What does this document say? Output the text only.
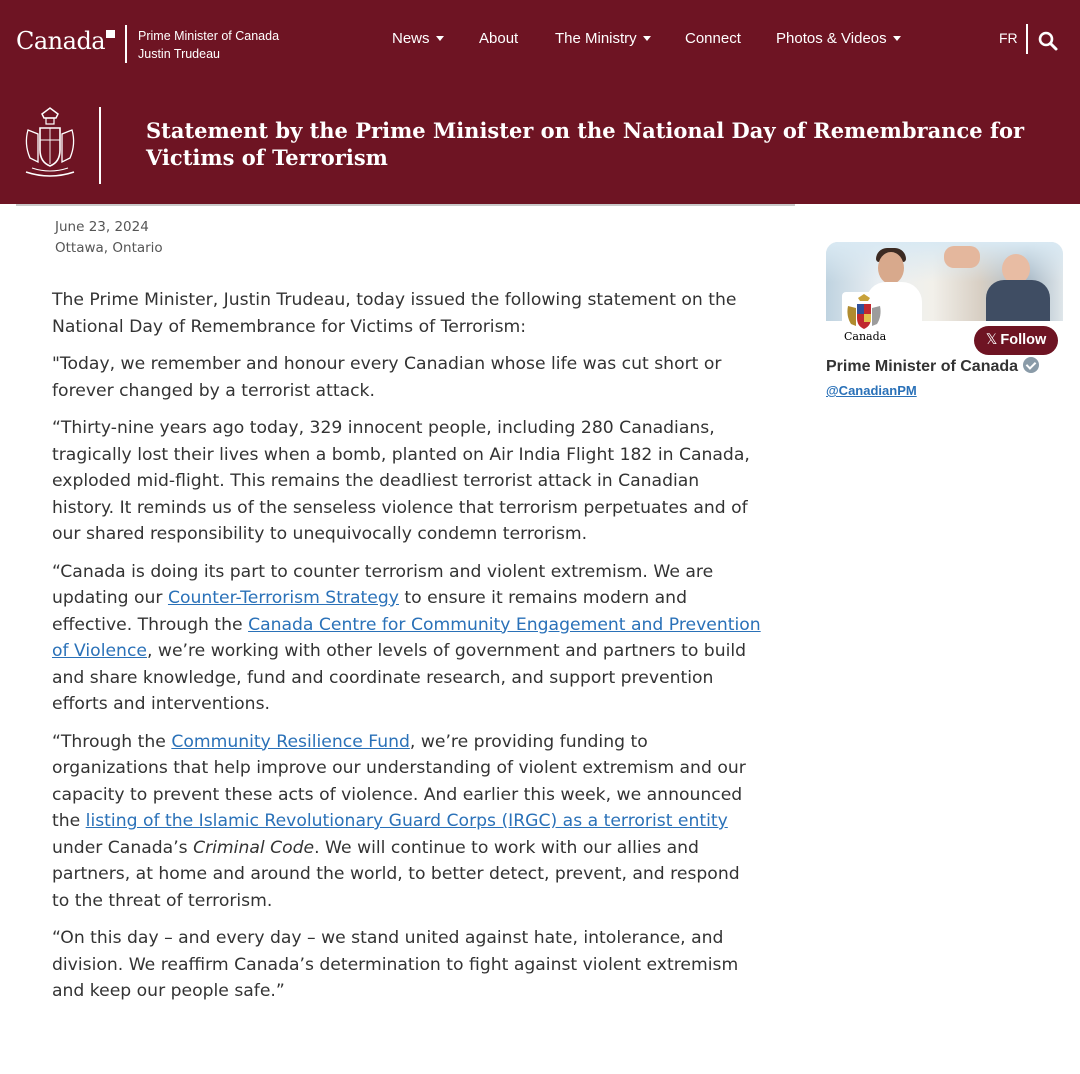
Canada	Prime Minister of Canada
Justin Trudeau
News	About The Ministry	Connect Photos & Videos	FR
Statement by the Prime Minister on the National Day of Remembrance for Victims of Terrorism
June 23, 2024
Ottawa, Ontario

The Prime Minister, Justin Trudeau, today issued the following statement on the National Day of Remembrance for Victims of Terrorism:

"Today, we remember and honour every Canadian whose life was cut short or forever changed by a terrorist attack.

“Thirty-nine years ago today, 329 innocent people, including 280 Canadians, tragically lost their lives when a bomb, planted on Air India Flight 182 in Canada, exploded mid-flight. This remains the deadliest terrorist attack in Canadian history. It reminds us of the senseless violence that terrorism perpetuates and of our shared responsibility to unequivocally condemn terrorism.

“Canada is doing its part to counter terrorism and violent extremism. We are updating our Counter-Terrorism Strategy to ensure it remains modern and effective. Through the Canada Centre for Community Engagement and Prevention of Violence, we’re working with other levels of government and partners to build and share knowledge, fund and coordinate research, and support prevention efforts and interventions.

“Through the Community Resilience Fund, we’re providing funding to organizations that help improve our understanding of violent extremism and our capacity to prevent these acts of violence. And earlier this week, we announced the listing of the Islamic Revolutionary Guard Corps (IRGC) as a terrorist entity under Canada’s Criminal Code. We will continue to work with our allies and partners, at home and around the world, to better detect, prevent, and respond to the threat of terrorism.

“On this day – and every day – we stand united against hate, intolerance, and division. We reaffirm Canada’s determination to fight against violent extremism and keep our people safe.”

Canada	𝕏 Follow
Prime Minister of Canada
@CanadianPM
